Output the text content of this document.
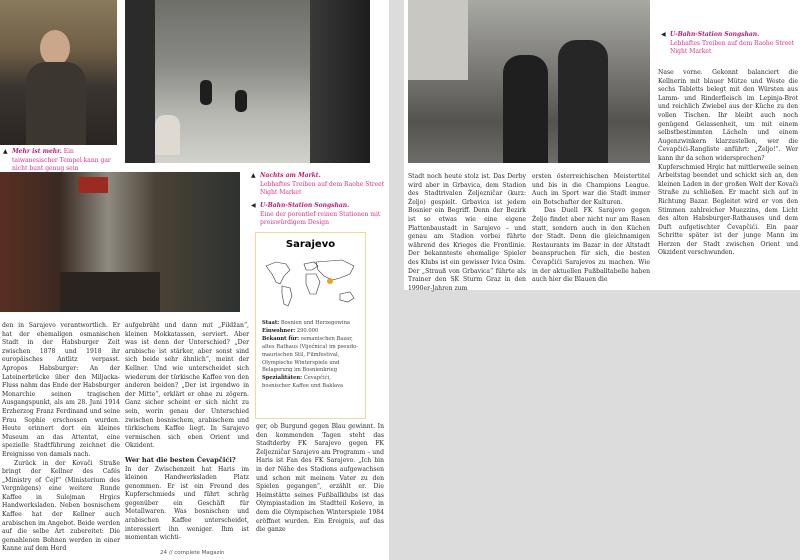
▲ Mehr ist mehr. Ein taiwanesischer Tempel kann gar nicht bunt genug sein
▲ Nachts am Markt.
Lebhaftes Treiben auf dem Raohe Street Night Market
◀ U-Bahn-Station Songshan.
Eine der porentief reinen Stationen mit preiswürdigem Design
Sarajevo
Staat: Bosnien und Herzegowina
Einwohner: 290.000
Bekannt für: osmanischen Bazar, altes Rathaus (Vijećnica) im pseudo-maurischen Stil, Filmfestival, Olympische Winterspiele und Belagerung im Bosnienkrieg
Spezialitäten: Ćevapčići, bosnischer Kaffee und Baklava

den in Sarajevo verantwortlich. Er hat der ehemaligen osmanischen Stadt in der Habsburger Zeit zwischen 1878 und 1918 ihr europäisches Antlitz verpasst. Apropos Habsburger: An der Lateinerbrücke über den Miljacka-Fluss nahm das Ende der Habsburger Monarchie seinen tragischen Ausgangspunkt, als am 28. Juni 1914 Erzherzog Franz Ferdinand und seine Frau Sophie erschossen wurden. Heute erinnert dort ein kleines Museum an das Attentat, eine spezielle Stadtführung zeichnet die Ereignisse von damals nach.

Zurück in der Kovači Straße bringt der Kellner des Cafés „Ministry of Ćejf“ (Ministerium des Vergnügens) eine weitere Runde Kaffee in Sulejman Hrgics Handwerksladen. Neben bosnischem Kaffee hat der Kellner auch arabischen im Angebot. Beide werden auf die selbe Art zubereitet: Die gemahlenen Bohnen werden in einer Kanne auf dem Herd

aufgebrüht und dann mit „Fildžan“, kleinen Mokkatassen, serviert. Aber was ist denn der Unterschied? „Der arabische ist stärker, aber sonst sind sich beide sehr ähnlich“, meint der Kellner. Und wie unterscheidet sich wiederum der türkische Kaffee von den anderen beiden? „Der ist irgendwo in der Mitte“, erklärt er ohne zu zögern. Ganz sicher scheint er sich nicht zu sein, worin genau der Unterschied zwischen bosnischem, arabischem und türkischem Kaffee liegt. In Sarajevo vermischen sich eben Orient und Okzident.

Wer hat die besten Ćevapčići?

In der Zwischenzeit hat Haris im kleinen Handwerksladen Platz genommen. Er ist ein Freund des Kupferschmieds und führt schräg gegenüber ein Geschäft für Metallwaren. Was bosnischen und arabischen Kaffee unterscheidet, interessiert ihn weniger. Ihm ist momentan wichti-

ger, ob Burgund gegen Blau gewinnt. In den kommenden Tagen steht das Stadtderby FK Sarajevo gegen FK Željezničar Sarajevo am Programm – und Haris ist Fan des FK Sarajevo. „Ich bin in der Nähe des Stadions aufgewachsen und schon mit meinem Vater zu den Spielen gegangen“, erzählt er. Die Heimstätte seines Fußballklubs ist das Olympiastadion im Stadtteil Koševo, in dem die Olympischen Winterspiele 1984 eröffnet wurden. Ein Ereignis, auf das die ganze

24 // complete Magazin
◀ U-Bahn-Station Songshan.
Lebhaftes Treiben auf dem Raohe Street Night Market

Stadt noch heute stolz ist. Das Derby wird aber in Grbavica, dem Stadion des Stadtrivalen Željezničar (kurz: Željo) gespielt. Grbavica ist jedem Bosnier ein Begriff. Denn der Bezirk ist so etwas wie eine eigene Plattenbaustadt in Sarajevo – und genau am Stadion vorbei führte während des Krieges die Frontlinie. Der bekannteste ehemalige Spieler des Klubs ist ein gewisser Ivica Osim. Der „Strauß von Grbavica“ führte als Trainer den SK Sturm Graz in den 1990er-Jahren zum

ersten österreichischen Meistertitel und bis in die Champions League. Auch im Sport war die Stadt immer ein Botschafter der Kulturen.

Das Duell FK Sarajevo gegen Željo findet aber nicht nur am Rasen statt, sondern auch in den Küchen der Stadt. Denn die gleichnamigen Restaurants im Bazar in der Altstadt beanspruchen für sich, die besten Ćevapčići Sarajevos zu machen. Wie in der aktuellen Fußballtabelle haben auch hier die Blauen die

Nase vorne. Gekonnt balanciert die Kellnerin mit blauer Mütze und Weste die sechs Tabletts belegt mit den Würsten aus Lamm- und Rinderfleisch im Lepinja-Brot und reichlich Zwiebel aus der Küche zu den vollen Tischen. Ihr bleibt auch noch genügend Gelassenheit, um mit einem selbstbestimmten Lächeln und einem Augenzwinkern klarzustellen, wer die Ćevapčići-Rangliste anführt: „Željo!“. Wer kann ihr da schon widersprechen?

Kupferschmied Hrgic hat mittlerweile seinen Arbeitstag beendet und schickt sich an, den kleinen Laden in der großen Welt der Kovači Straße zu schließen. Er macht sich auf in Richtung Bazar. Begleitet wird er von den Stimmen zahlreicher Muezzins, dem Licht des alten Habsburger-Rathauses und dem Duft aufgetischter Ćevapčići. Ein paar Schritte später ist der junge Mann im Herzen der Stadt zwischen Orient und Okzident verschwunden.
